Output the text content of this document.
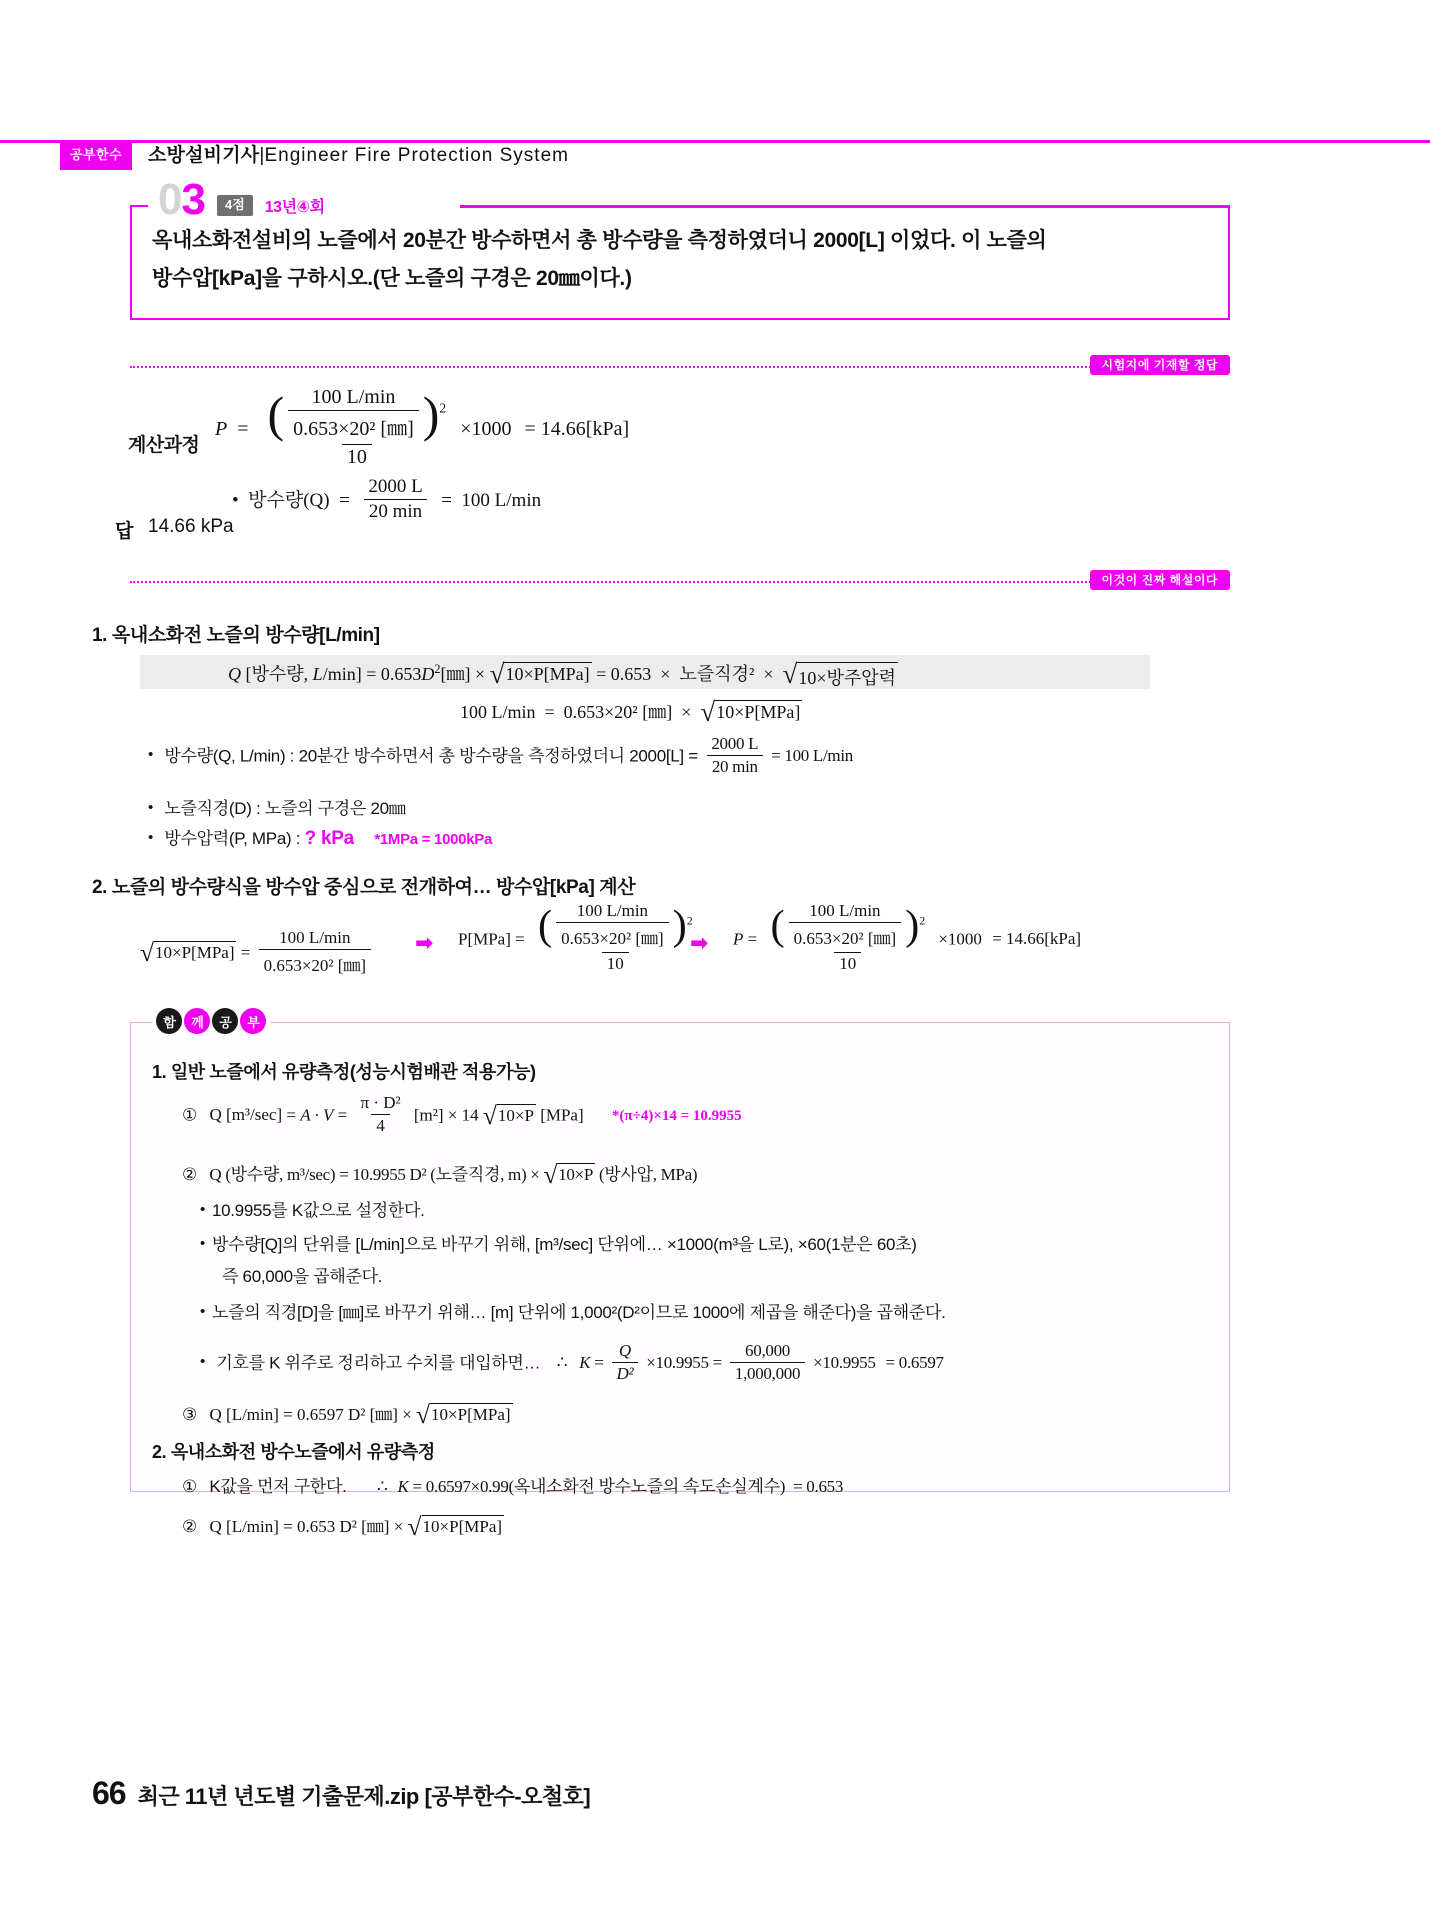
공부한수	소방설비기사|Engineer Fire Protection System
03	4점	13년④회
옥내소화전설비의 노즐에서 20분간 방수하면서 총 방수량을 측정하였더니 2000[L] 이었다. 이 노즐의
방수압[kPa]을 구하시오.(단 노즐의 구경은 20㎜이다.)
시험지에 기재할 정답
계산과정
$P = \frac{( \frac{100 L/\min}{\text{0.653×20² [㎜]}} )^2}{10} \times 1000 = 14.66[kPa]$
•  방수량$(Q) = \frac{2000 L}{20 \min} = 100$ L/min
답 14.66 kPa
이것이 진짜 해설이다
1. 옥내소화전 노즐의 방수량[L/min]
Q [방수량, $L/\min] = 0.653D^2[㎜]$ × √ 10×P[MPa] = 0.653  ×  노즐직경²  × √ 10×방주압력
100 L/min  =  0.653×20² [㎜]  × √ 10×P[MPa]
• 방수량(Q, L/min) : 20분간 방수하면서 총 방수량을 측정하였더니 $2000[L] = \frac{2000 L}{20 \min} = 100$ L/min
• 노즐직경(D) : 노즐의 구경은 20㎜
• 방수압력(P, MPa) : ? kPa *1MPa = 1000kPa
2. 노즐의 방수량식을 방수압 중심으로 전개하여… 방수압[kPa] 계산
√ $10\times P[MPa] = \frac{100 L/\min}{\text{0.653×20² [㎜]}}$ ➡ $P[MPa] = \frac{( \frac{100 L/\min}{\text{0.653×20² [㎜]}} )^2}{10}$
➡ $P = \frac{( \frac{100 L/\min}{\text{0.653×20² [㎜]}} )^2}{10} \times 1000 = 14.66[kPa]$
함	께	공	부
1. 일반 노즐에서 유량측정(성능시험배관 적용가능)
① Q $[m^3/\sec] = A \cdot V = \frac{\text{π · D²}}{4} [m^2] \times 14$ √ 10×P [MPa] *(π÷4)×14 = 10.9955
② Q (방수량, m³/sec) = 10.9955 D² (노즐직경, m) × √ 10×P (방사압, MPa)
• 10.9955를 K값으로 설정한다.
• 방수량[Q]의 단위를 [L/min]으로 바꾸기 위해, [m³/sec] 단위에… ×1000(m³을 L로), ×60(1분은 60초)
즉 60,000을 곱해준다.
• 노즐의 직경[D]을 [㎜]로 바꾸기 위해… [m] 단위에 1,000²(D²이므로 1000에 제곱을 해준다)을 곱해준다.
• 기호를 K 위주로 정리하고 수치를 대입하면… ∴ $K = \frac{Q}{\text{D²}} \times 10.9955 = \frac{60,000}{1,000,000} \times 10.9955 = 0.6597$
③ Q [L/min] = 0.6597 D² [㎜] × √ 10×P[MPa]
2. 옥내소화전 방수노즐에서 유량측정
① K값을 먼저 구한다. ∴ K = 0.6597×0.99(옥내소화전 방수노즐의 속도손실계수) = 0.653
② Q [L/min] = 0.653 D² [㎜] × √ 10×P[MPa]
66 최근 11년 년도별 기출문제.zip [공부한수-오철호]
